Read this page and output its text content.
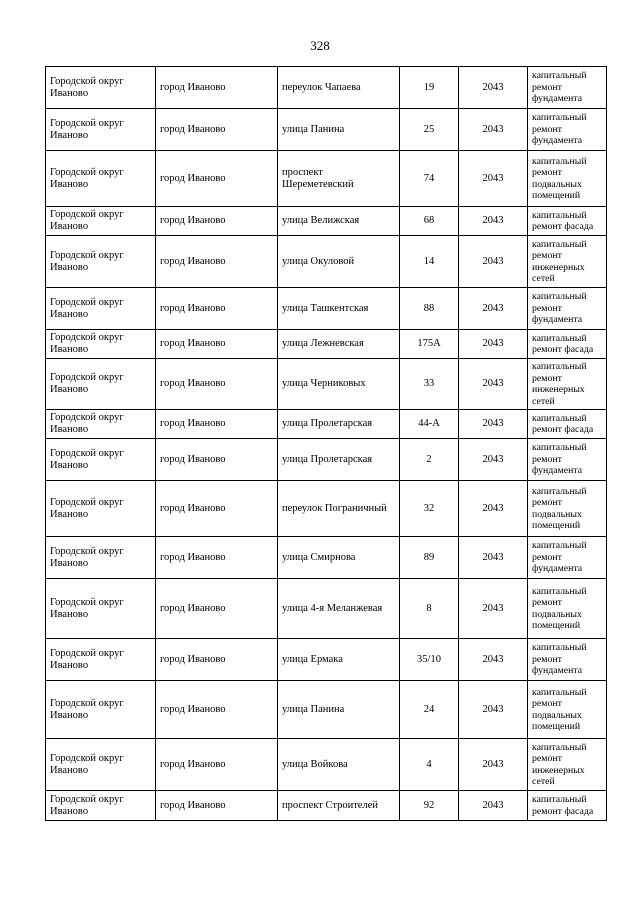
328
Городской округ Иваново	город Иваново	переулок Чапаева	19	2043	капитальный ремонт фундамента
Городской округ Иваново	город Иваново	улица Панина	25	2043	капитальный ремонт фундамента
Городской округ Иваново	город Иваново	проспект Шереметевский	74	2043	капитальный ремонт подвальных помещений
Городской округ Иваново	город Иваново	улица Велижская	68	2043	капитальный ремонт фасада
Городской округ Иваново	город Иваново	улица Окуловой	14	2043	капитальный ремонт инженерных сетей
Городской округ Иваново	город Иваново	улица Ташкентская	88	2043	капитальный ремонт фундамента
Городской округ Иваново	город Иваново	улица Лежневская	175А	2043	капитальный ремонт фасада
Городской округ Иваново	город Иваново	улица Черниковых	33	2043	капитальный ремонт инженерных сетей
Городской округ Иваново	город Иваново	улица Пролетарская	44-А	2043	капитальный ремонт фасада
Городской округ Иваново	город Иваново	улица Пролетарская	2	2043	капитальный ремонт фундамента
Городской округ Иваново	город Иваново	переулок Пограничный	32	2043	капитальный ремонт подвальных помещений
Городской округ Иваново	город Иваново	улица Смирнова	89	2043	капитальный ремонт фундамента
Городской округ Иваново	город Иваново	улица 4-я Меланжевая	8	2043	капитальный ремонт подвальных помещений
Городской округ Иваново	город Иваново	улица Ермака	35/10	2043	капитальный ремонт фундамента
Городской округ Иваново	город Иваново	улица Панина	24	2043	капитальный ремонт подвальных помещений
Городской округ Иваново	город Иваново	улица Войкова	4	2043	капитальный ремонт инженерных сетей
Городской округ Иваново	город Иваново	проспект Строителей	92	2043	капитальный ремонт фасада
